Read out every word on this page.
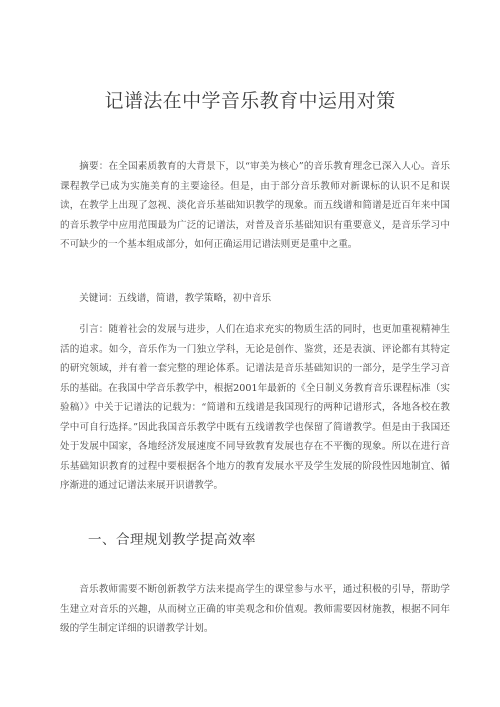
记谱法在中学音乐教育中运用对策

摘要：在全国素质教育的大背景下，以“审美为核心”的音乐教育理念已深入人心。音乐课程教学已成为实施美育的主要途径。但是，由于部分音乐教师对新课标的认识不足和误读，在教学上出现了忽视、淡化音乐基础知识教学的现象。而五线谱和简谱是近百年来中国的音乐教学中应用范围最为广泛的记谱法，对普及音乐基础知识有重要意义，是音乐学习中不可缺少的一个基本组成部分，如何正确运用记谱法则更是重中之重。

关键词：五线谱，简谱，教学策略，初中音乐

引言：随着社会的发展与进步，人们在追求充实的物质生活的同时，也更加重视精神生活的追求。如今，音乐作为一门独立学科，无论是创作、鉴赏，还是表演、评论都有其特定的研究领域，并有着一套完整的理论体系。记谱法是音乐基础知识的一部分，是学生学习音乐的基础。在我国中学音乐教学中，根据2001年最新的《全日制义务教育音乐课程标准（实验稿）》中关于记谱法的记载为：“简谱和五线谱是我国现行的两种记谱形式，各地各校在教学中可自行选择。”因此我国音乐教学中既有五线谱教学也保留了简谱教学。但是由于我国还处于发展中国家，各地经济发展速度不同导致教育发展也存在不平衡的现象。所以在进行音乐基础知识教育的过程中要根据各个地方的教育发展水平及学生发展的阶段性因地制宜、循序渐进的通过记谱法来展开识谱教学。

一、合理规划教学提高效率

音乐教师需要不断创新教学方法来提高学生的课堂参与水平，通过积极的引导，帮助学生建立对音乐的兴趣，从而树立正确的审美观念和价值观。教师需要因材施教，根据不同年级的学生制定详细的识谱教学计划。
